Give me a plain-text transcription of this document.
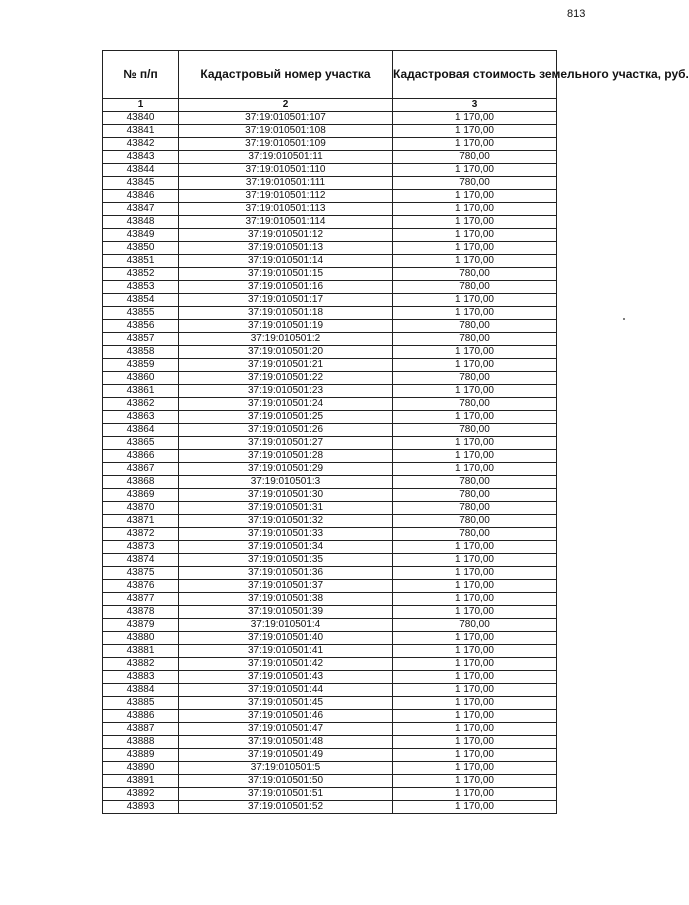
813
№ п/п	Кадастровый номер участка	Кадастровая стоимость земельного участка, руб.
1	2	3
43840	37:19:010501:107	1 170,00
43841	37:19:010501:108	1 170,00
43842	37:19:010501:109	1 170,00
43843	37:19:010501:11	780,00
43844	37:19:010501:110	1 170,00
43845	37:19:010501:111	780,00
43846	37:19:010501:112	1 170,00
43847	37:19:010501:113	1 170,00
43848	37:19:010501:114	1 170,00
43849	37:19:010501:12	1 170,00
43850	37:19:010501:13	1 170,00
43851	37:19:010501:14	1 170,00
43852	37:19:010501:15	780,00
43853	37:19:010501:16	780,00
43854	37:19:010501:17	1 170,00
43855	37:19:010501:18	1 170,00
43856	37:19:010501:19	780,00
43857	37:19:010501:2	780,00
43858	37:19:010501:20	1 170,00
43859	37:19:010501:21	1 170,00
43860	37:19:010501:22	780,00
43861	37:19:010501:23	1 170,00
43862	37:19:010501:24	780,00
43863	37:19:010501:25	1 170,00
43864	37:19:010501:26	780,00
43865	37:19:010501:27	1 170,00
43866	37:19:010501:28	1 170,00
43867	37:19:010501:29	1 170,00
43868	37:19:010501:3	780,00
43869	37:19:010501:30	780,00
43870	37:19:010501:31	780,00
43871	37:19:010501:32	780,00
43872	37:19:010501:33	780,00
43873	37:19:010501:34	1 170,00
43874	37:19:010501:35	1 170,00
43875	37:19:010501:36	1 170,00
43876	37:19:010501:37	1 170,00
43877	37:19:010501:38	1 170,00
43878	37:19:010501:39	1 170,00
43879	37:19:010501:4	780,00
43880	37:19:010501:40	1 170,00
43881	37:19:010501:41	1 170,00
43882	37:19:010501:42	1 170,00
43883	37:19:010501:43	1 170,00
43884	37:19:010501:44	1 170,00
43885	37:19:010501:45	1 170,00
43886	37:19:010501:46	1 170,00
43887	37:19:010501:47	1 170,00
43888	37:19:010501:48	1 170,00
43889	37:19:010501:49	1 170,00
43890	37:19:010501:5	1 170,00
43891	37:19:010501:50	1 170,00
43892	37:19:010501:51	1 170,00
43893	37:19:010501:52	1 170,00
